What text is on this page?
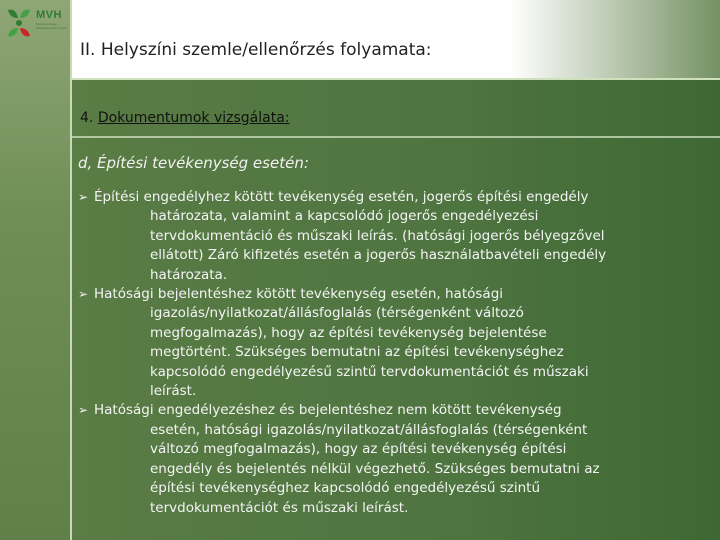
MVH
Mezőgazdasági Vidékfejlesztési Hivatal
II. Helyszíni szemle/ellenőrzés folyamata:
4. Dokumentumok vizsgálata:
d, Építési tevékenység esetén:
➢ Építési engedélyhez kötött tevékenység esetén, jogerős építési engedély
határozata, valamint a kapcsolódó jogerős engedélyezési
tervdokumentáció és műszaki leírás. (hatósági jogerős bélyegzővel
ellátott) Záró kifizetés esetén a jogerős használatbavételi engedély
határozata.
➢ Hatósági bejelentéshez kötött tevékenység esetén, hatósági
igazolás/nyilatkozat/állásfoglalás (térségenként változó
megfogalmazás), hogy az építési tevékenység bejelentése
megtörtént. Szükséges bemutatni az építési tevékenységhez
kapcsolódó engedélyezésű szintű tervdokumentációt és műszaki
leírást.
➢ Hatósági engedélyezéshez és bejelentéshez nem kötött tevékenység
esetén, hatósági igazolás/nyilatkozat/állásfoglalás (térségenként
változó megfogalmazás), hogy az építési tevékenység építési
engedély és bejelentés nélkül végezhető. Szükséges bemutatni az
építési tevékenységhez kapcsolódó engedélyezésű szintű
tervdokumentációt és műszaki leírást.
